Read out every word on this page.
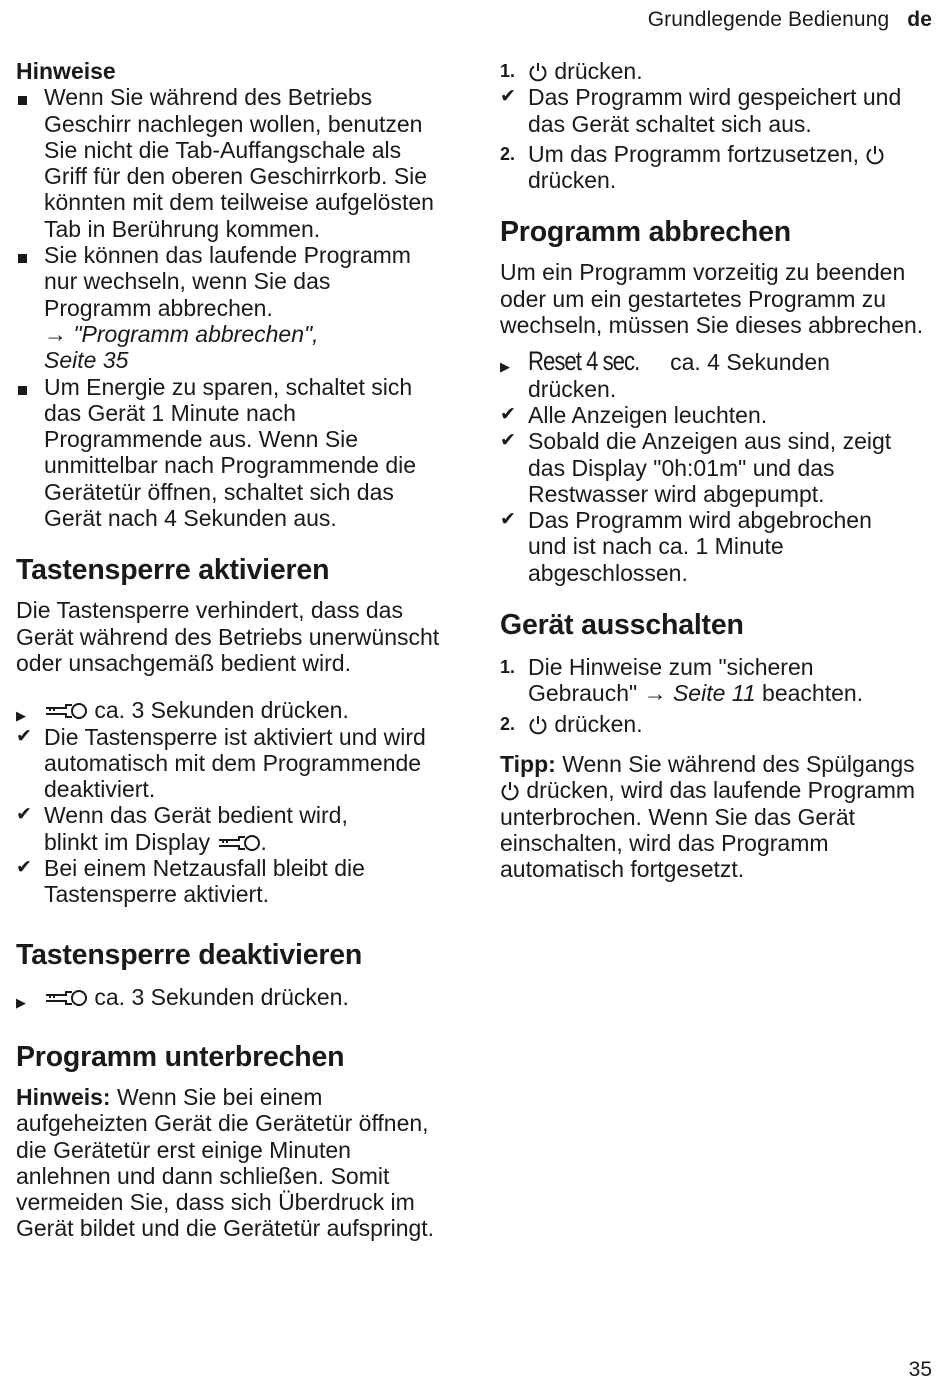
Grundlegende Bedienung de
Hinweise
Wenn Sie während des Betriebs Geschirr nachlegen wollen, benutzen Sie nicht die Tab-Auffangschale als Griff für den oberen Geschirrkorb. Sie könnten mit dem teilweise aufgelösten Tab in Berührung kommen.
Sie können das laufende Programm nur wechseln, wenn Sie das Programm abbrechen.
→ "Programm abbrechen", Seite 35
Um Energie zu sparen, schaltet sich das Gerät 1 Minute nach Programmende aus. Wenn Sie unmittelbar nach Programmende die Gerätetür öffnen, schaltet sich das Gerät nach 4 Sekunden aus.
Tastensperre aktivieren

Die Tastensperre verhindert, dass das Gerät während des Betriebs unerwünscht oder unsachgemäß bedient wird.

▶	ca. 3 Sekunden drücken.
✔ Die Tastensperre ist aktiviert und wird automatisch mit dem Programmende deaktiviert.
✔ Wenn das Gerät bedient wird, blinkt im Display .
✔ Bei einem Netzausfall bleibt die Tastensperre aktiviert.
Tastensperre deaktivieren
▶	ca. 3 Sekunden drücken.
Programm unterbrechen

Hinweis: Wenn Sie bei einem aufgeheizten Gerät die Gerätetür öffnen, die Gerätetür erst einige Minuten anlehnen und dann schließen. Somit vermeiden Sie, dass sich Überdruck im Gerät bildet und die Gerätetür aufspringt.

1.	drücken.
✔ Das Programm wird gespeichert und das Gerät schaltet sich aus.
2. Um das Programm fortzusetzen,  drücken.
Programm abbrechen

Um ein Programm vorzeitig zu beenden oder um ein gestartetes Programm zu wechseln, müssen Sie dieses abbrechen.

▶ Reset 4 sec. ca. 4 Sekunden drücken.
✔ Alle Anzeigen leuchten.
✔ Sobald die Anzeigen aus sind, zeigt das Display "0h:01m" und das Restwasser wird abgepumpt.
✔ Das Programm wird abgebrochen und ist nach ca. 1 Minute abgeschlossen.
Gerät ausschalten
1. Die Hinweise zum "sicheren Gebrauch" → Seite 11 beachten.
2.	drücken.

Tipp: Wenn Sie während des Spülgangs  drücken, wird das laufende Programm unterbrochen. Wenn Sie das Gerät einschalten, wird das Programm automatisch fortgesetzt.

35
